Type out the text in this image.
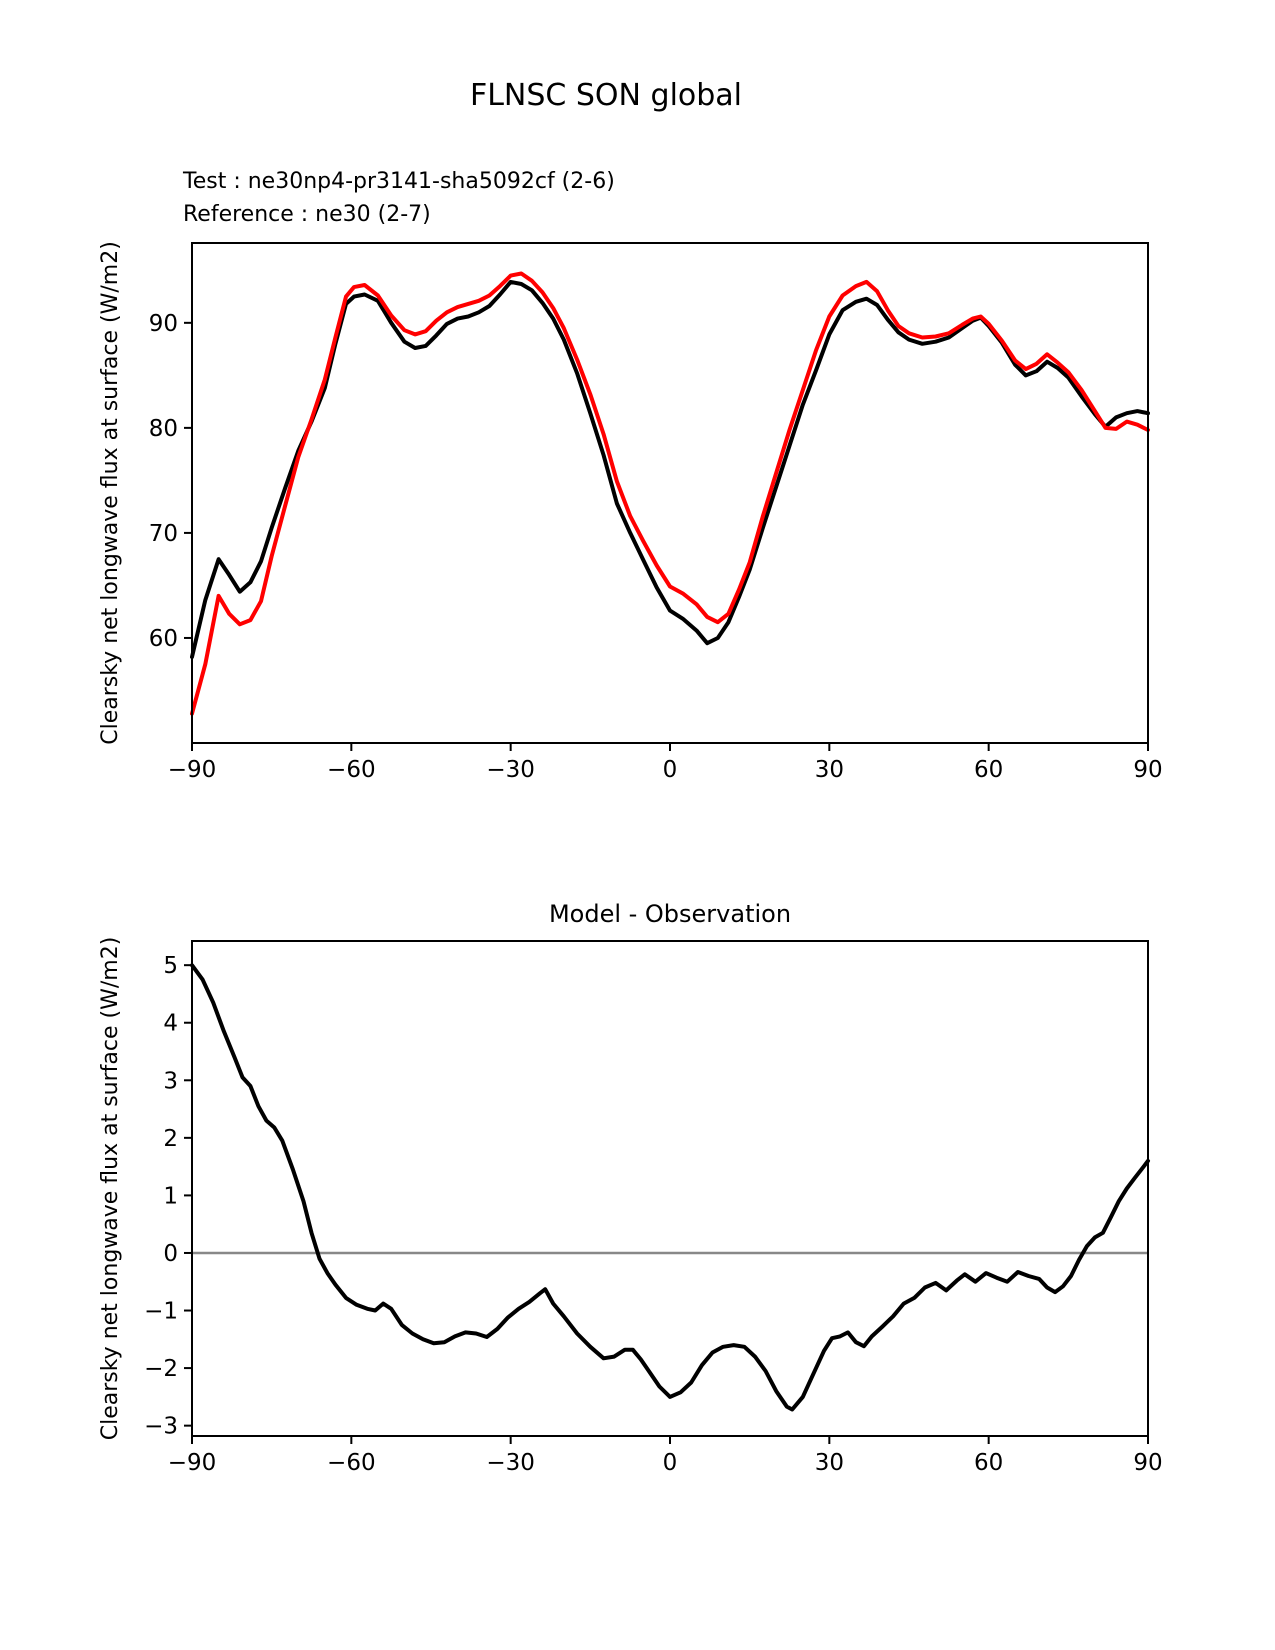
FLNSC SON global
Test : ne30np4-pr3141-sha5092cf (2-6)
Reference : ne30 (2-7)
−90	−60	−30	0	30	60	90
60
70
80
90
Clearsky net longwave flux at surface (W/m2)
−90	−60	−30	0	30	60	90
−3
−2
−1
0
1
2
3
4
5
Clearsky net longwave flux at surface (W/m2)
Model - Observation
